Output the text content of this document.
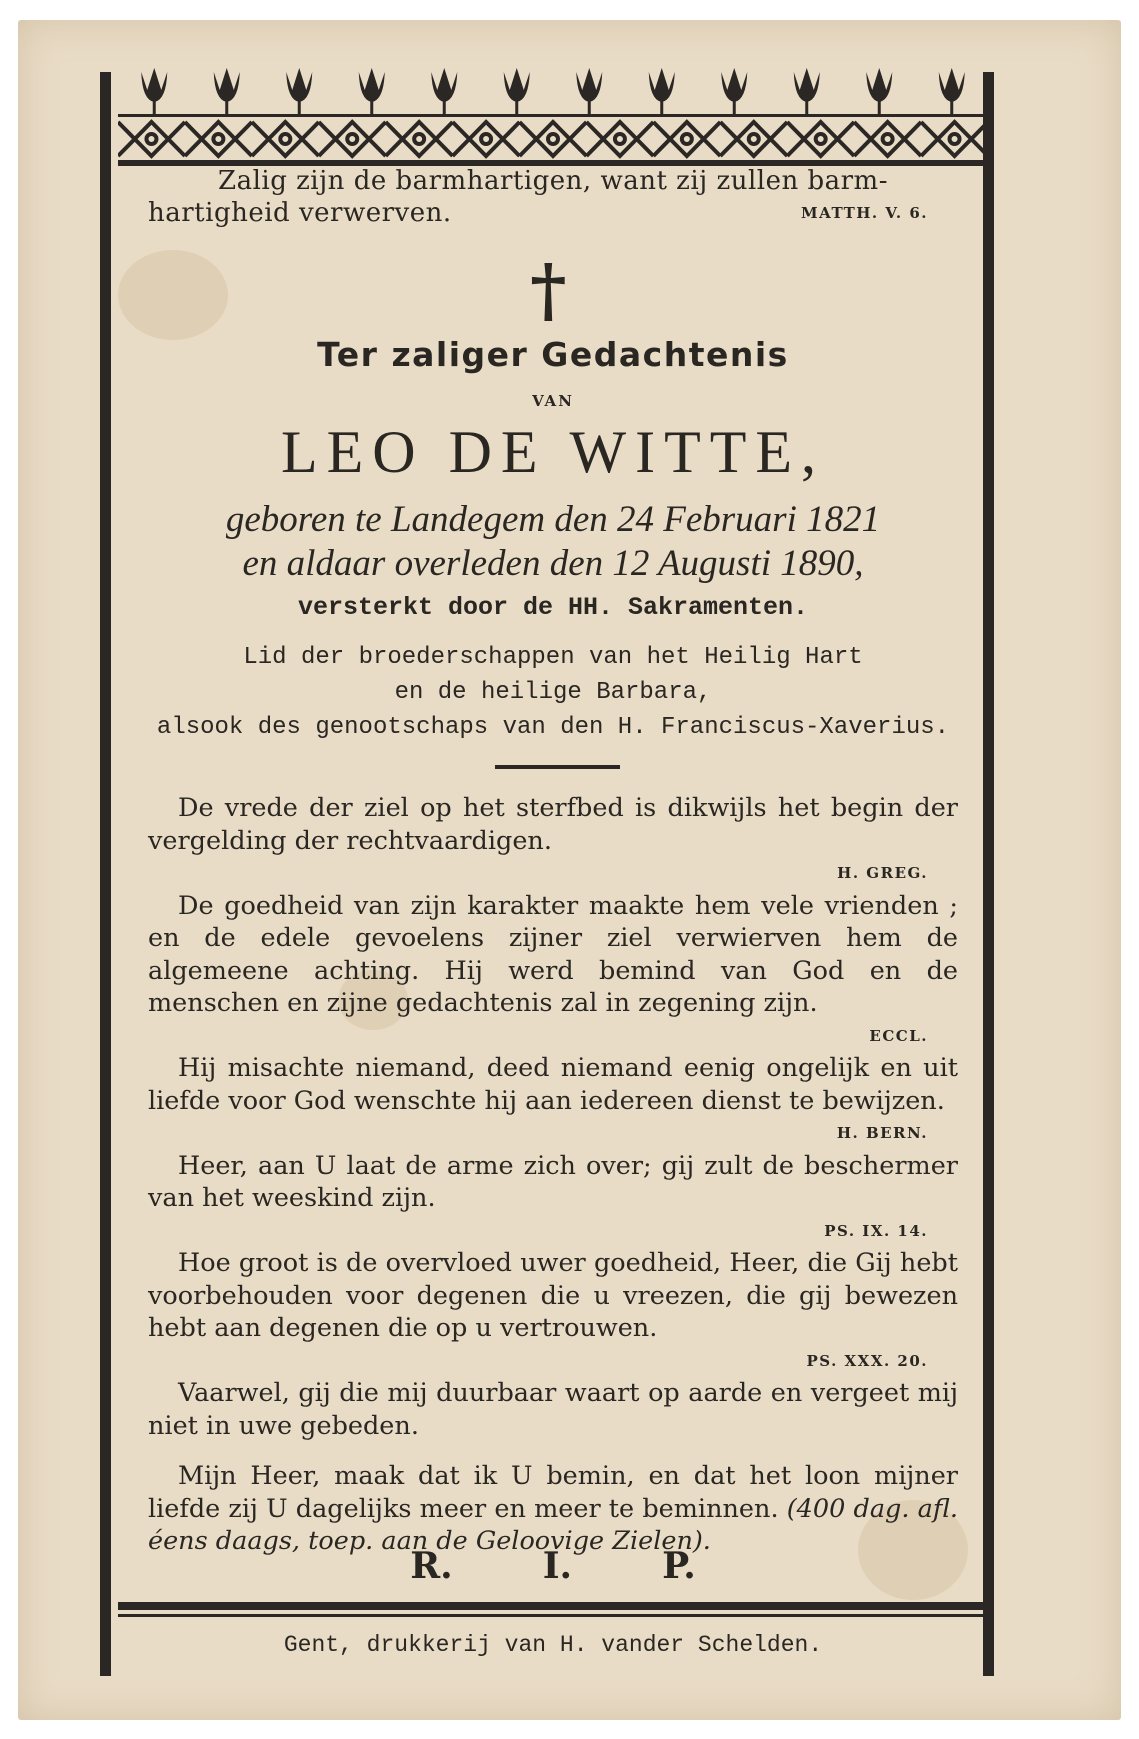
Zalig zijn de barmhartigen, want zij zullen barm-
hartigheid verwerven.	MATTH. V. 6.
†
Ter zaliger Gedachtenis
VAN
LEO DE WITTE,
geboren te Landegem den 24 Februari 1821
en aldaar overleden den 12 Augusti 1890,
versterkt door de HH. Sakramenten.
Lid der broederschappen van het Heilig Hart
en de heilige Barbara,
alsook des genootschaps van den H. Franciscus-Xaverius.

De vrede der ziel op het sterfbed is dikwijls het begin der vergelding der rechtvaardigen.

H. GREG.

De goedheid van zijn karakter maakte hem vele vrienden ; en de edele gevoelens zijner ziel verwierven hem de algemeene achting. Hij werd bemind van God en de menschen en zijne gedachtenis zal in zegening zijn.

ECCL.

Hij misachte niemand, deed niemand eenig ongelijk en uit liefde voor God wenschte hij aan iedereen dienst te bewijzen.

H. BERN.

Heer, aan U laat de arme zich over; gij zult de beschermer van het weeskind zijn.

PS. IX. 14.

Hoe groot is de overvloed uwer goedheid, Heer, die Gij hebt voorbehouden voor degenen die u vreezen, die gij bewezen hebt aan degenen die op u vertrouwen.

PS. XXX. 20.

Vaarwel, gij die mij duurbaar waart op aarde en vergeet mij niet in uwe gebeden.

Mijn Heer, maak dat ik U bemin, en dat het loon mijner liefde zij U dagelijks meer en meer te beminnen. (400 dag. afl. éens daags, toep. aan de Geloovige Zielen).

R.	I.	P.
Gent, drukkerij van H. vander Schelden.
